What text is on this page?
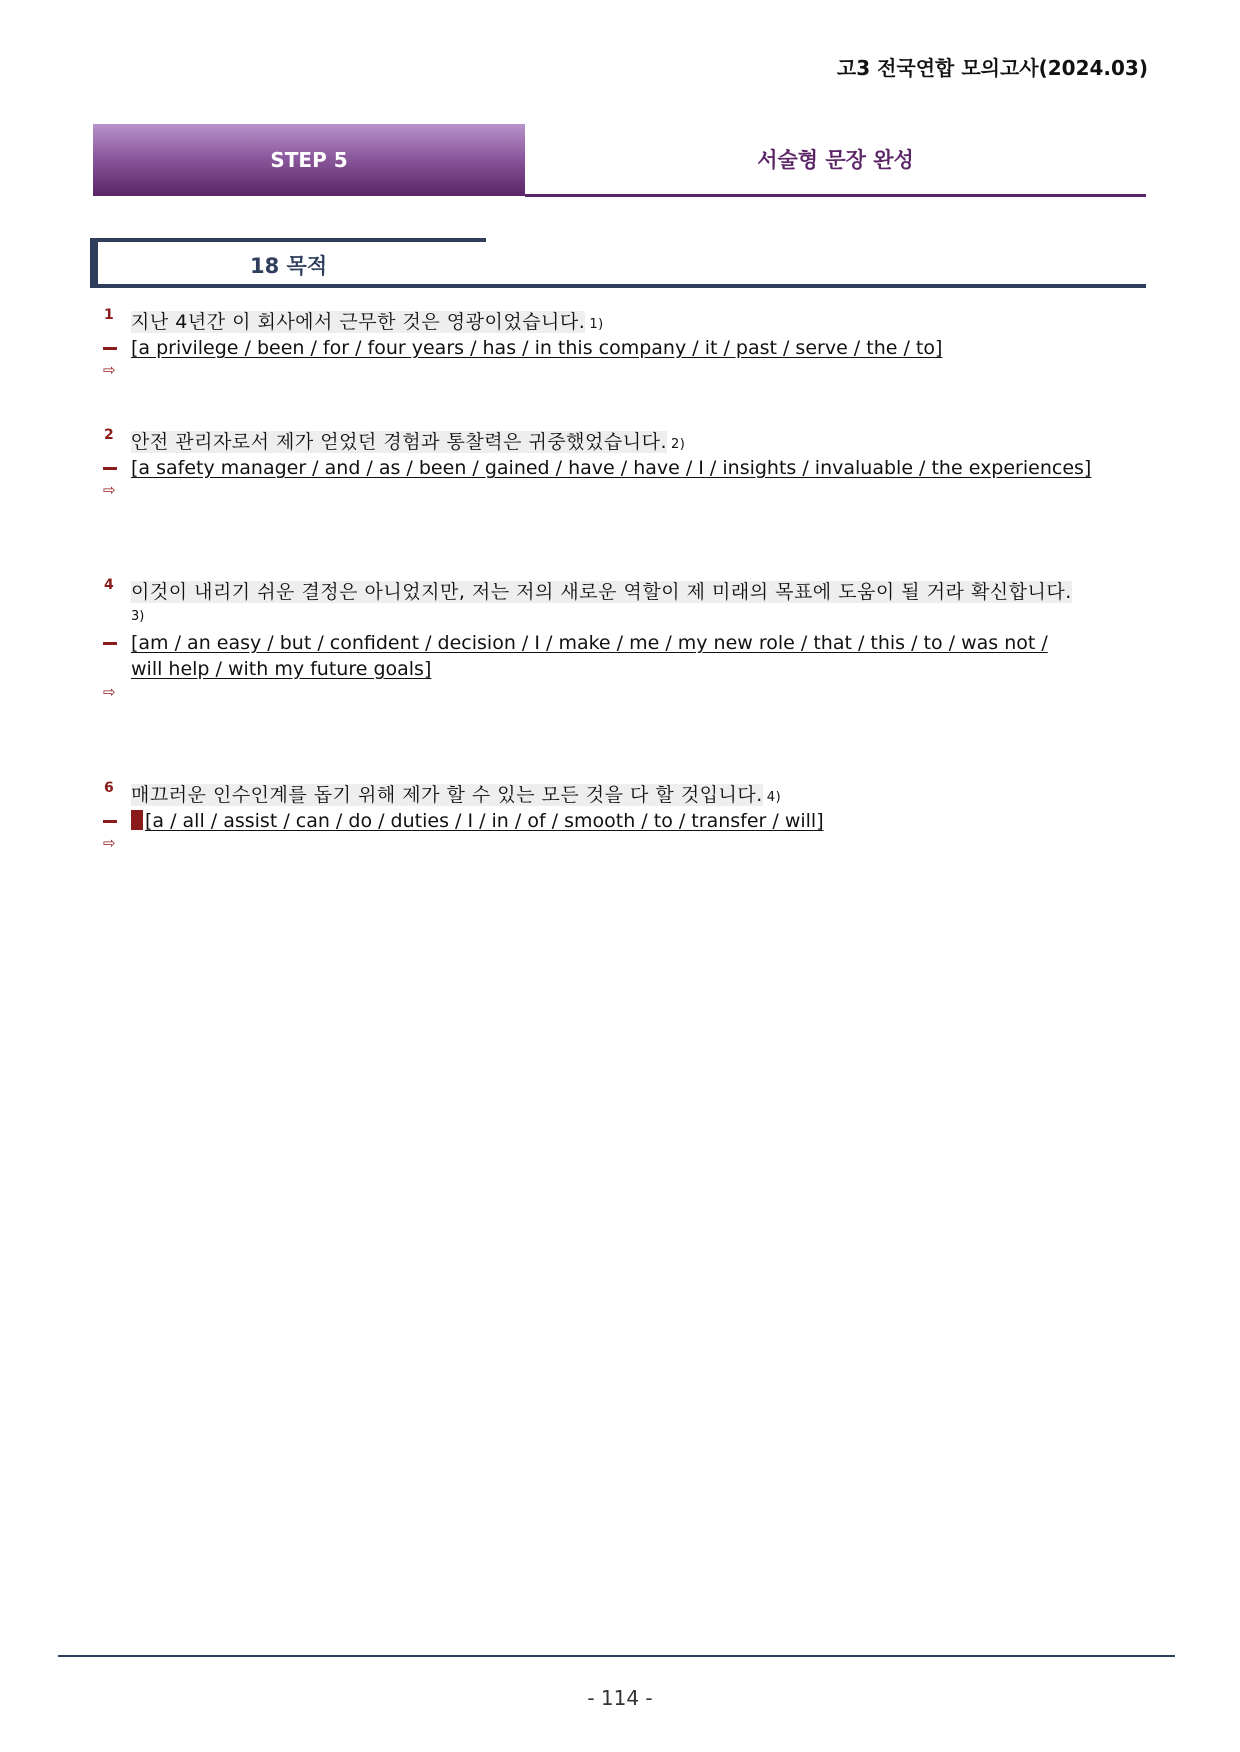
고3 전국연합 모의고사(2024.03)
STEP 5	서술형 문장 완성
18 목적
1 지난 4년간 이 회사에서 근무한 것은 영광이었습니다. 1)
[a privilege / been / for / four years / has / in this company / it / past / serve / the / to]
⇨
2 안전 관리자로서 제가 얻었던 경험과 통찰력은 귀중했었습니다. 2)
[a safety manager / and / as / been / gained / have / have / I / insights / invaluable / the experiences]
⇨
4 이것이 내리기 쉬운 결정은 아니었지만, 저는 저의 새로운 역할이 제 미래의 목표에 도움이 될 거라 확신합니다.
3)
[am / an easy / but / confident / decision / I / make / me / my new role / that / this / to / was not /
will help / with my future goals]
⇨
6 매끄러운 인수인계를 돕기 위해 제가 할 수 있는 모든 것을 다 할 것입니다. 4)
[a / all / assist / can / do / duties / I / in / of / smooth / to / transfer / will]
⇨
- 114 -
